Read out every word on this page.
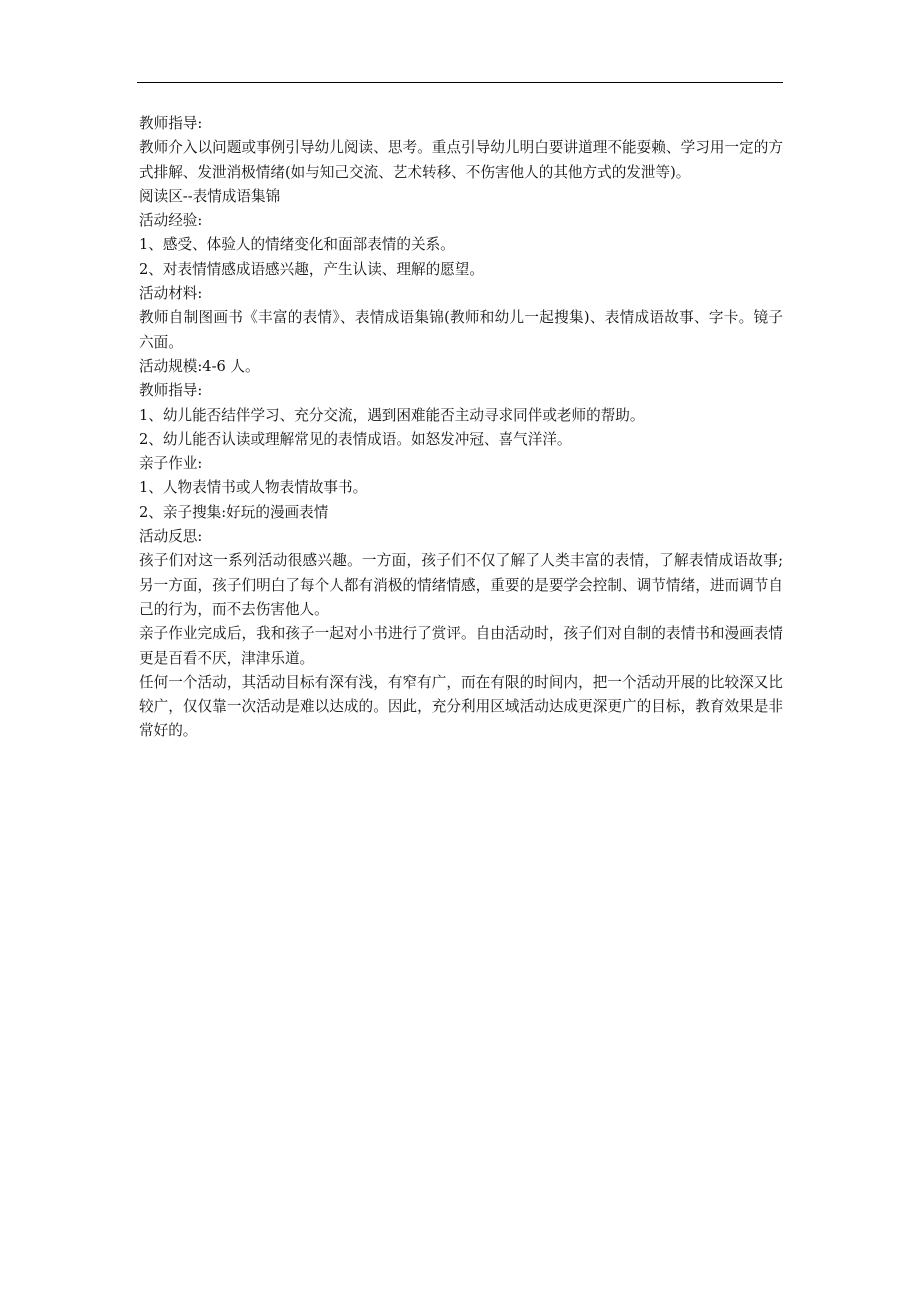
教师指导:

教师介入以问题或事例引导幼儿阅读、思考。重点引导幼儿明白要讲道理不能耍赖、学习用一定的方式排解、发泄消极情绪(如与知己交流、艺术转移、不伤害他人的其他方式的发泄等)。

阅读区--表情成语集锦

活动经验:

1、感受、体验人的情绪变化和面部表情的关系。

2、对表情情感成语感兴趣，产生认读、理解的愿望。

活动材料:

教师自制图画书《丰富的表情》、表情成语集锦(教师和幼儿一起搜集)、表情成语故事、字卡。镜子六面。

活动规模:4-6 人。

教师指导:

1、幼儿能否结伴学习、充分交流，遇到困难能否主动寻求同伴或老师的帮助。

2、幼儿能否认读或理解常见的表情成语。如怒发冲冠、喜气洋洋。

亲子作业:

1、人物表情书或人物表情故事书。

2、亲子搜集:好玩的漫画表情

活动反思:

孩子们对这一系列活动很感兴趣。一方面，孩子们不仅了解了人类丰富的表情，了解表情成语故事;另一方面，孩子们明白了每个人都有消极的情绪情感，重要的是要学会控制、调节情绪，进而调节自己的行为，而不去伤害他人。

亲子作业完成后，我和孩子一起对小书进行了赏评。自由活动时，孩子们对自制的表情书和漫画表情更是百看不厌，津津乐道。

任何一个活动，其活动目标有深有浅，有窄有广，而在有限的时间内，把一个活动开展的比较深又比较广，仅仅靠一次活动是难以达成的。因此，充分利用区域活动达成更深更广的目标，教育效果是非常好的。
